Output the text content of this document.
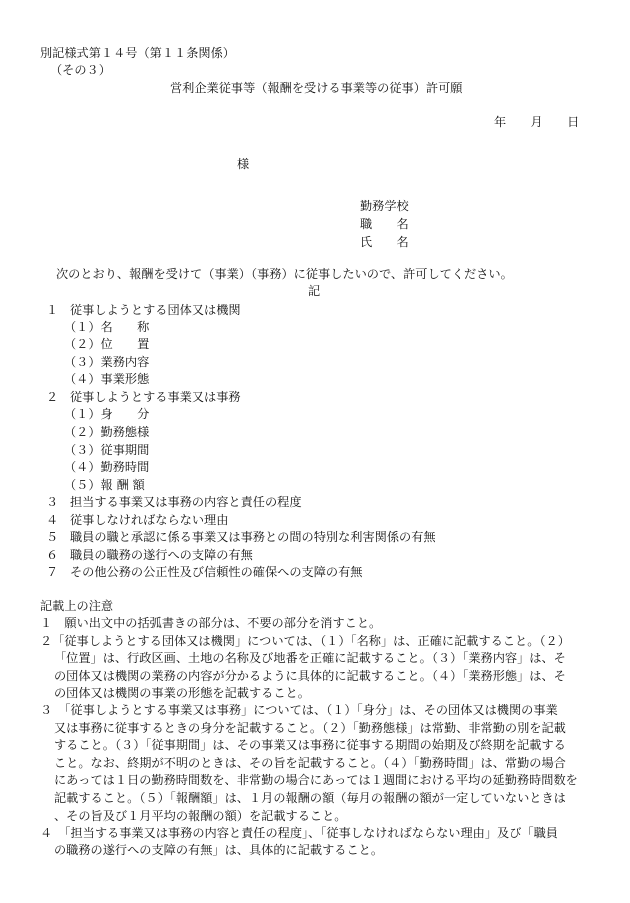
別記様式第１４号（第１１条関係）
（その３）
営利企業従事等（報酬を受ける事業等の従事）許可願
年　　月　　日
様
勤務学校
職　　名
氏　　名
次のとおり、報酬を受けて（事業）（事務）に従事したいので、許可してください。
記
１ 従事しようとする団体又は機関
（１）名　　称
（２）位　　置
（３）業務内容
（４）事業形態
２ 従事しようとする事業又は事務
（１）身　　分
（２）勤務態様
（３）従事期間
（４）勤務時間
（５）報 酬 額
３ 担当する事業又は事務の内容と責任の程度
４ 従事しなければならない理由
５ 職員の職と承認に係る事業又は事務との間の特別な利害関係の有無
６ 職員の職務の遂行への支障の有無
７ その他公務の公正性及び信頼性の確保への支障の有無
記載上の注意
１　願い出文中の括弧書きの部分は、不要の部分を消すこと。
２「従事しようとする団体又は機関」については、（１）「名称」は、正確に記載すること。（２）
「位置」は、行政区画、土地の名称及び地番を正確に記載すること。（３）「業務内容」は、そ
の団体又は機関の業務の内容が分かるように具体的に記載すること。（４）「業務形態」は、そ
の団体又は機関の事業の形態を記載すること。
３　「従事しようとする事業又は事務」については、（１）「身分」は、その団体又は機関の事業
又は事務に従事するときの身分を記載すること。（２）「勤務態様」は常勤、非常勤の別を記載
すること。（３）「従事期間」は、その事業又は事務に従事する期間の始期及び終期を記載する
こと。なお、終期が不明のときは、その旨を記載すること。（４）「勤務時間」は、常勤の場合
にあっては１日の勤務時間数を、非常勤の場合にあっては１週間における平均の延勤務時間数を
記載すること。（５）「報酬額」は、１月の報酬の額（毎月の報酬の額が一定していないときは
、その旨及び１月平均の報酬の額）を記載すること。
４　「担当する事業又は事務の内容と責任の程度」、「従事しなければならない理由」及び「職員
の職務の遂行への支障の有無」は、具体的に記載すること。
